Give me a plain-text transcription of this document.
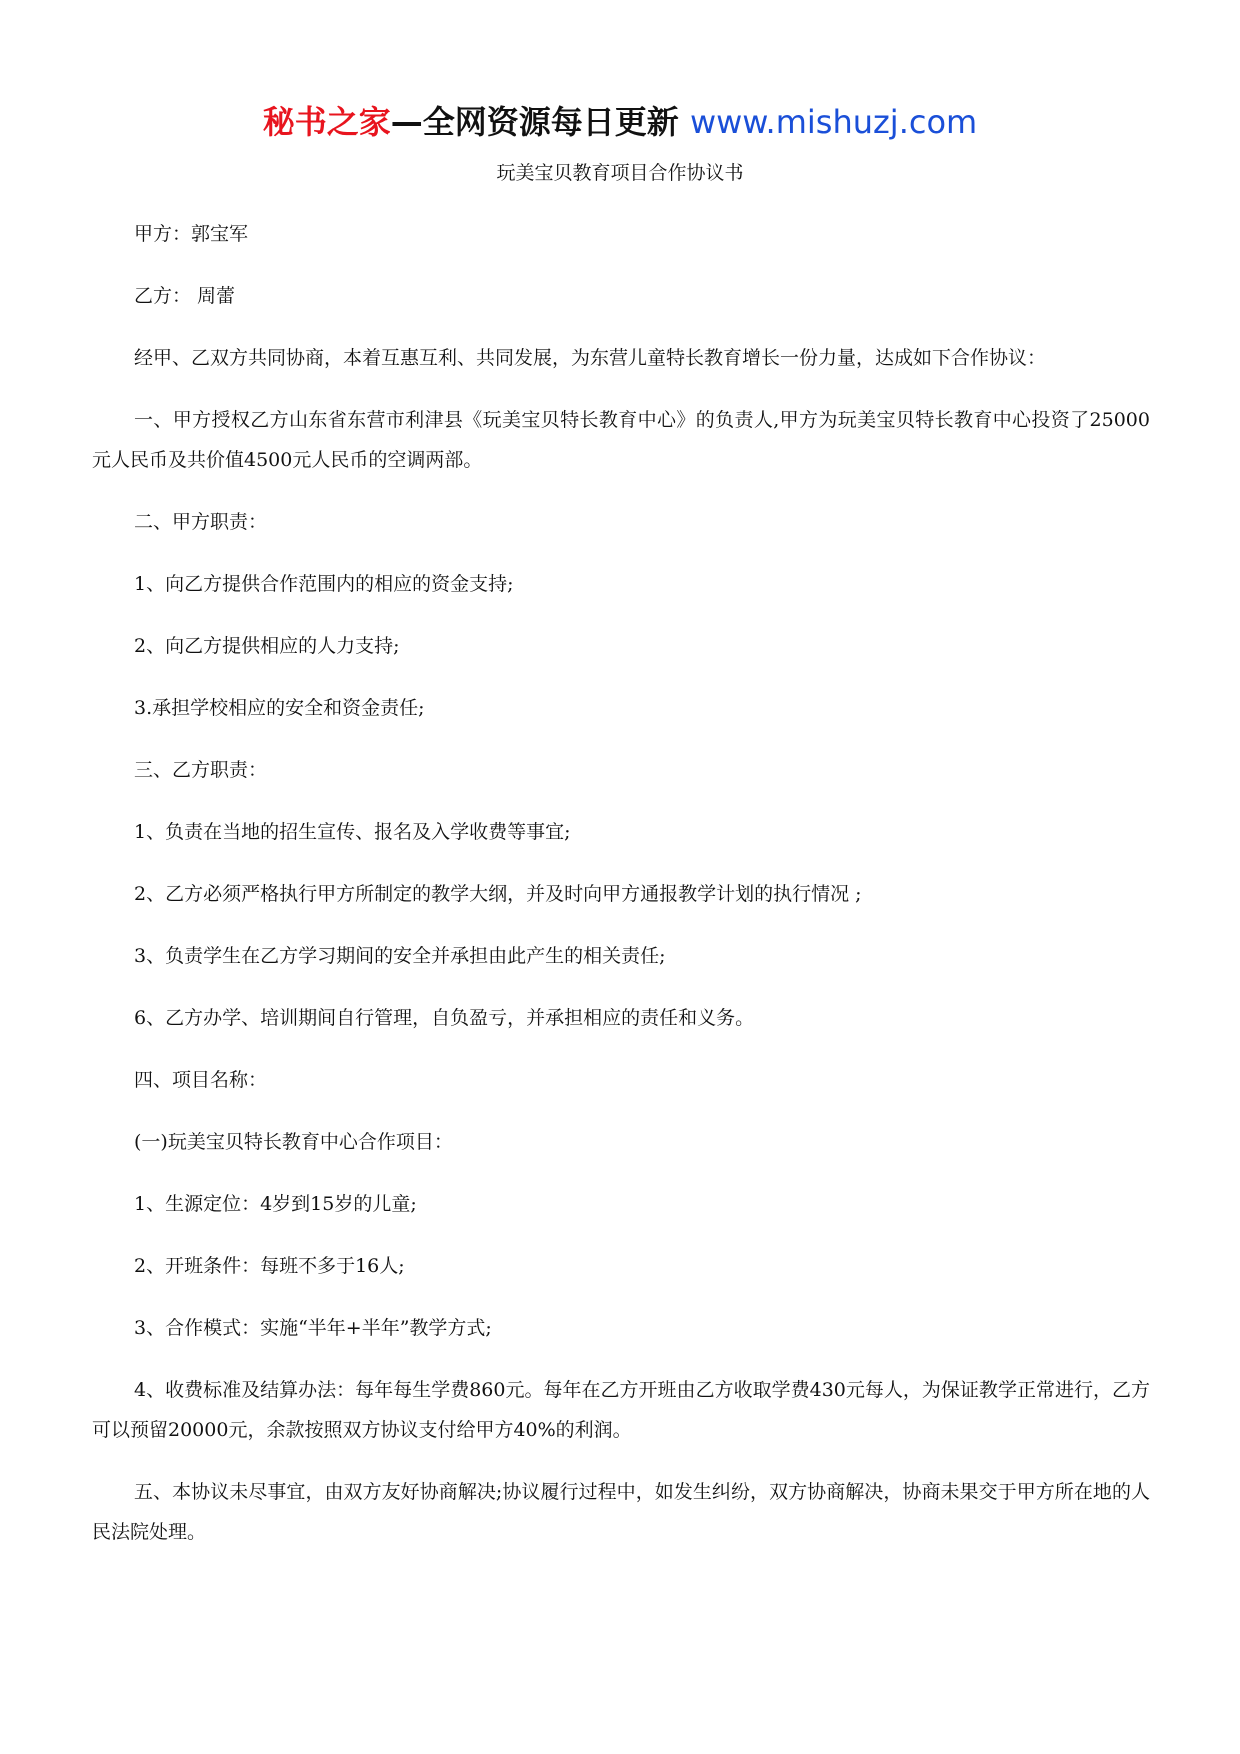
秘书之家—全网资源每日更新 www.mishuzj.com
玩美宝贝教育项目合作协议书

甲方：郭宝军

乙方： 周蕾

经甲、乙双方共同协商，本着互惠互利、共同发展，为东营儿童特长教育增长一份力量，达成如下合作协议：

一、甲方授权乙方山东省东营市利津县《玩美宝贝特长教育中心》的负责人,甲方为玩美宝贝特长教育中心投资了25000元人民币及共价值4500元人民币的空调两部。

二、甲方职责：

1、向乙方提供合作范围内的相应的资金支持;

2、向乙方提供相应的人力支持;

3.承担学校相应的安全和资金责任;

三、乙方职责：

1、负责在当地的招生宣传、报名及入学收费等事宜;

2、乙方必须严格执行甲方所制定的教学大纲，并及时向甲方通报教学计划的执行情况 ;

3、负责学生在乙方学习期间的安全并承担由此产生的相关责任;

6、乙方办学、培训期间自行管理，自负盈亏，并承担相应的责任和义务。

四、项目名称：

(一)玩美宝贝特长教育中心合作项目：

1、生源定位：4岁到15岁的儿童;

2、开班条件：每班不多于16人;

3、合作模式：实施“半年+半年”教学方式;

4、收费标准及结算办法：每年每生学费860元。每年在乙方开班由乙方收取学费430元每人，为保证教学正常进行，乙方可以预留20000元，余款按照双方协议支付给甲方40%的利润。

五、本协议未尽事宜，由双方友好协商解决;协议履行过程中，如发生纠纷，双方协商解决，协商未果交于甲方所在地的人民法院处理。
